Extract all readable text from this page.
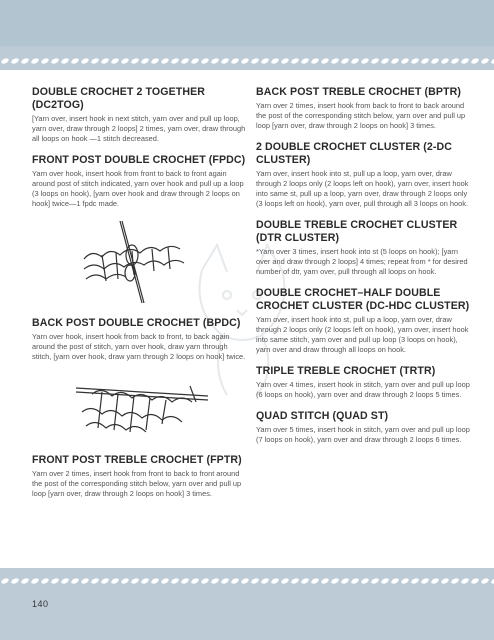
DOUBLE CROCHET 2 TOGETHER (DC2TOG)

[Yarn over, insert hook in next stitch, yarn over and pull up loop, yarn over, draw through 2 loops] 2 times, yarn over, draw through all loops on hook —1 stitch decreased.

FRONT POST DOUBLE CROCHET (FPDC)

Yarn over hook, insert hook from front to back to front again around post of stitch indicated, yarn over hook and pull up a loop (3 loops on hook), [yarn over hook and draw through 2 loops on hook] twice—1 fpdc made.

BACK POST DOUBLE CROCHET (BPDC)

Yarn over hook, insert hook from back to front, to back again around the post of stitch, yarn over hook, draw yarn through stitch, [yarn over hook, draw yarn through 2 loops on hook] twice.

FRONT POST TREBLE CROCHET (FPTR)

Yarn over 2 times, insert hook from front to back to front around the post of the corresponding stitch below, yarn over and pull up loop [yarn over, draw through 2 loops on hook] 3 times.

BACK POST TREBLE CROCHET (BPTR)

Yarn over 2 times, insert hook from back to front to back around the post of the corresponding stitch below, yarn over and pull up loop [yarn over, draw through 2 loops on hook] 3 times.

2 DOUBLE CROCHET CLUSTER (2-DC CLUSTER)

Yarn over, insert hook into st, pull up a loop, yarn over, draw through 2 loops only (2 loops left on hook), yarn over, insert hook into same st, pull up a loop, yarn over, draw through 2 loops only (3 loops left on hook), yarn over, pull through all 3 loops on hook.

DOUBLE TREBLE CROCHET CLUSTER (DTR CLUSTER)

*Yarn over 3 times, insert hook into st (5 loops on hook); [yarn over and draw through 2 loops] 4 times; repeat from * for desired number of dtr, yarn over, pull through all loops on hook.

DOUBLE CROCHET–HALF DOUBLE CROCHET CLUSTER (DC-HDC CLUSTER)

Yarn over, insert hook into st, pull up a loop, yarn over, draw through 2 loops only (2 loops left on hook), yarn over, insert hook into same stitch, yarn over and pull up loop (3 loops on hook), yarn over and draw through all loops on hook.

TRIPLE TREBLE CROCHET (TRTR)

Yarn over 4 times, insert hook in stitch, yarn over and pull up loop (6 loops on hook), yarn over and draw through 2 loops 5 times.

QUAD STITCH (QUAD ST)

Yarn over 5 times, insert hook in stitch, yarn over and pull up loop (7 loops on hook), yarn over and draw through 2 loops 6 times.

140
